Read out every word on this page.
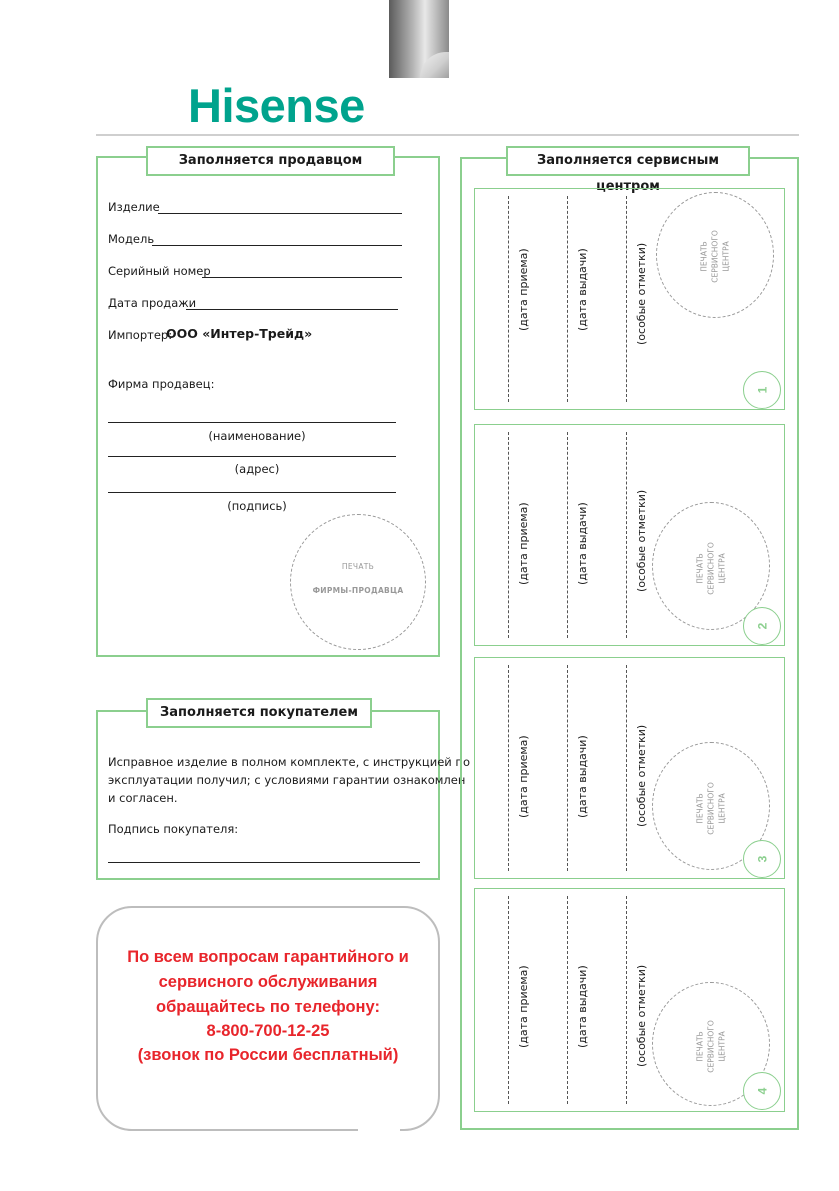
Hisense
Заполняется продавцом
Изделие
Модель
Серийный номер
Дата продажи
Импортер:
ООО «Интер-Трейд»
Фирма продавец:
(наименование)
(адрес)
(подпись)
ПЕЧАТЬ
ФИРМЫ-ПРОДАВЦА
Заполняется покупателем
Исправное изделие в полном комплекте, с инструкцией по
эксплуатации получил; с условиями гарантии ознакомлен
и согласен.
Подпись покупателя:
По всем вопросам гарантийного и
сервисного обслуживания
обращайтесь по телефону:
8-800-700-12-25
(звонок по России бесплатный)
Заполняется сервисным центром
(дата приема)	(дата выдачи)	(особые отметки)	ПЕЧАТЬ СЕРВИСНОГО ЦЕНТРА
1
(дата приема)	(дата выдачи)	(особые отметки)	ПЕЧАТЬ СЕРВИСНОГО ЦЕНТРА
2
(дата приема)	(дата выдачи)	(особые отметки)	ПЕЧАТЬ СЕРВИСНОГО ЦЕНТРА
3
(дата приема)	(дата выдачи)	(особые отметки)	ПЕЧАТЬ СЕРВИСНОГО ЦЕНТРА
4
